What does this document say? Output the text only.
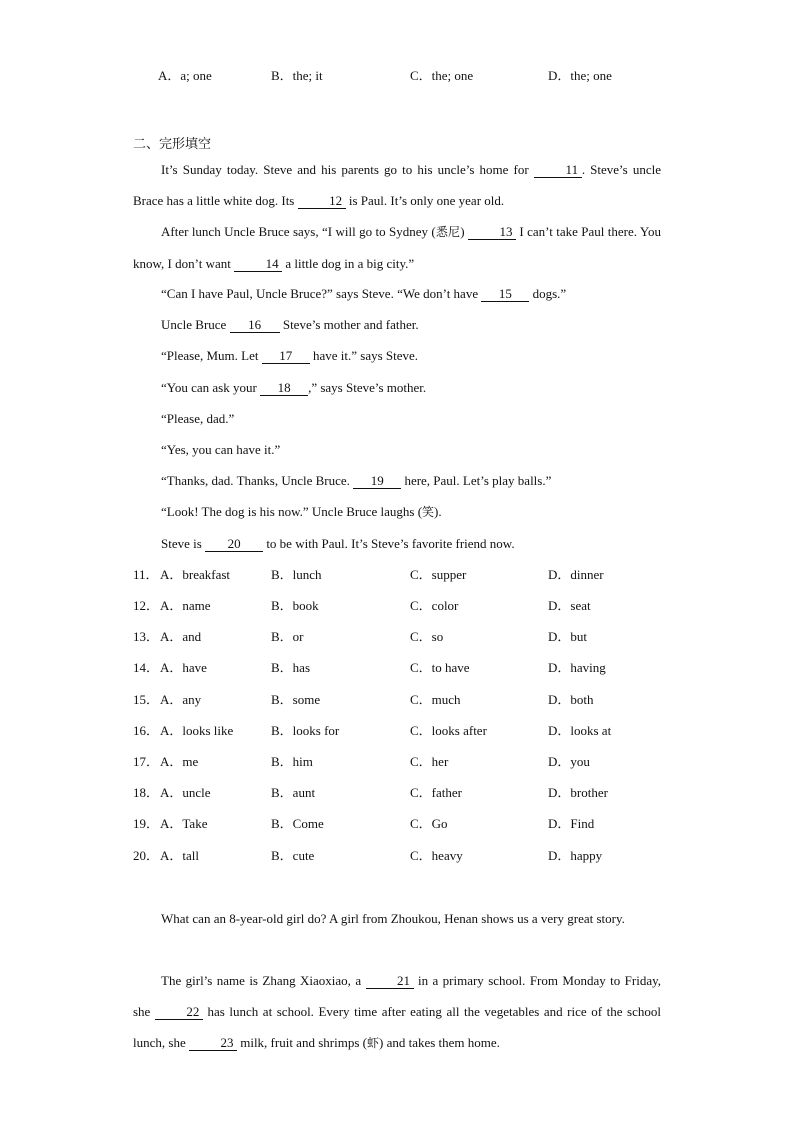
A．a; one	B．the; it	C．the; one	D．the; one
二、完形填空

It’s Sunday today. Steve and his parents go to his uncle’s home for	11 . Steve’s uncle Brace has a little white dog. Its	12 is Paul. It’s only one year old.

After lunch Uncle Bruce says, “I will go to Sydney (悉尼)	13 I can’t take Paul there. You know, I don’t want	14 a little dog in a big city.”

“Can I have Paul, Uncle Bruce?” says Steve. “We don’t have 15 dogs.”
Uncle Bruce 16 Steve’s mother and father.
“Please, Mum. Let 17 have it.” says Steve.
“You can ask your 18 ,” says Steve’s mother.
“Please, dad.”
“Yes, you can have it.”
“Thanks, dad. Thanks, Uncle Bruce. 19 here, Paul. Let’s play balls.”
“Look! The dog is his now.” Uncle Bruce laughs (笑).
Steve is 20 to be with Paul. It’s Steve’s favorite friend now.
11． A．breakfast	B．lunch	C．supper	D．dinner
12． A．name	B．book	C．color	D．seat
13． A．and	B．or	C．so	D．but
14． A．have	B．has	C．to have	D．having
15． A．any	B．some	C．much	D．both
16． A．looks like	B．looks for	C．looks after	D．looks at
17． A．me	B．him	C．her	D．you
18． A．uncle	B．aunt	C．father	D．brother
19． A．Take	B．Come	C．Go	D．Find
20． A．tall	B．cute	C．heavy	D．happy

What can an 8-year-old girl do? A girl from Zhoukou, Henan shows us a very great story.

The girl’s name is Zhang Xiaoxiao, a	21 in a primary school. From Monday to Friday, she	22 has lunch at school. Every time after eating all the vegetables and rice of the school lunch, she	23 milk, fruit and shrimps (虾) and takes them home.
